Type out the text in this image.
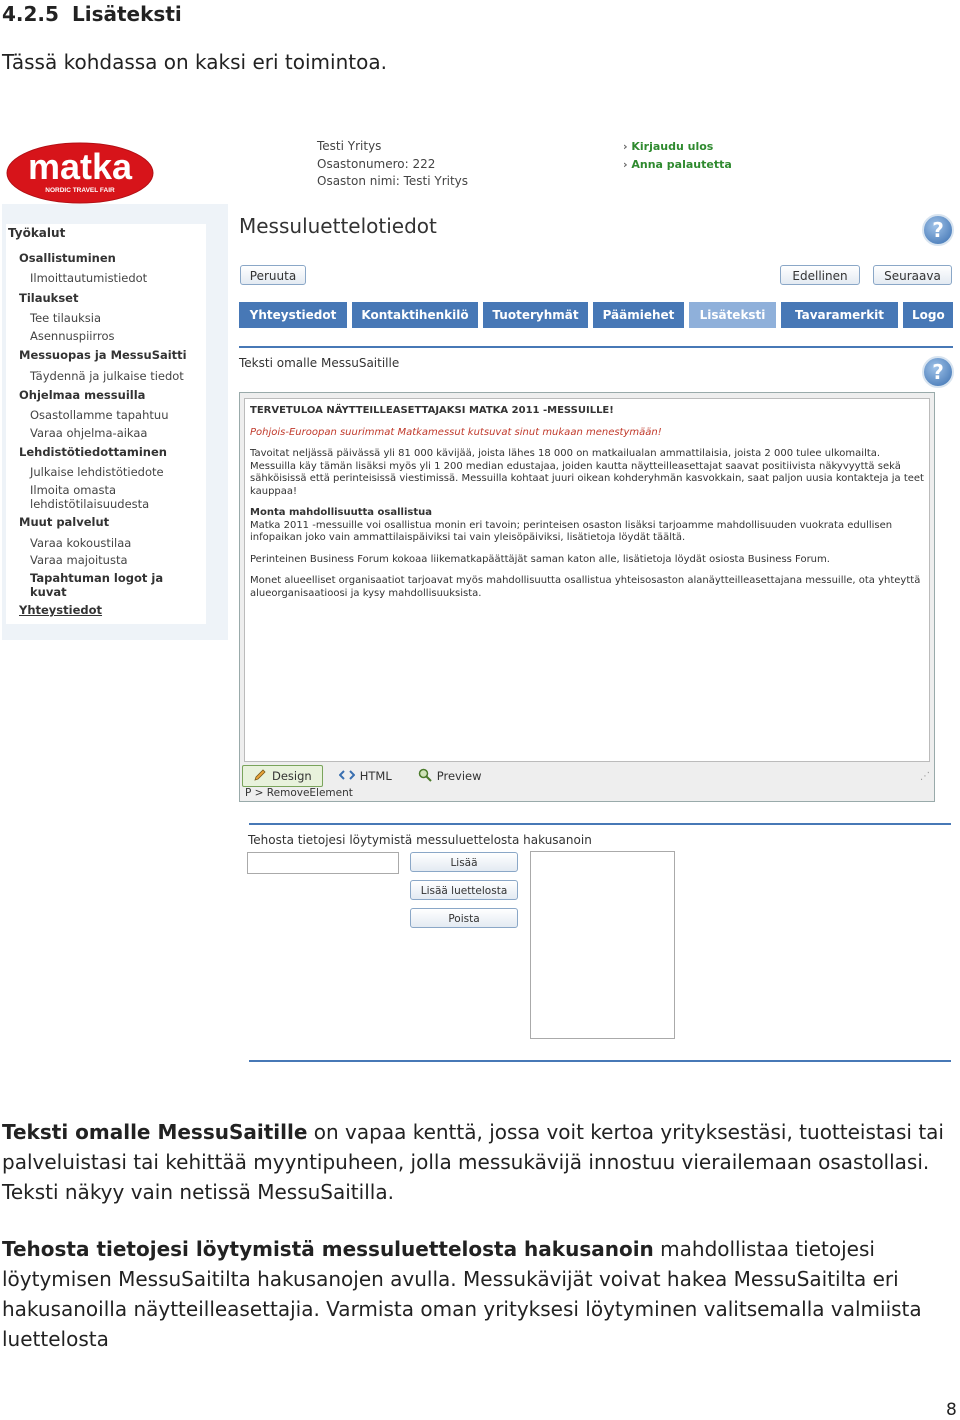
4.2.5 Lisäteksti
Tässä kohdassa on kaksi eri toimintoa.
matka
NORDIC TRAVEL FAIR
Testi Yritys
Osastonumero: 222
Osaston nimi: Testi Yritys
› Kirjaudu ulos
› Anna palautetta
Työkalut
Osallistuminen
Ilmoittautumistiedot
Tilaukset
Tee tilauksia
Asennuspiirros
Messuopas ja MessuSaitti
Täydennä ja julkaise tiedot
Ohjelmaa messuilla
Osastollamme tapahtuu
Varaa ohjelma-aikaa
Lehdistötiedottaminen
Julkaise lehdistötiedote
Ilmoita omasta
lehdistötilaisuudesta
Muut palvelut
Varaa kokoustilaa
Varaa majoitusta
Tapahtuman logot ja
kuvat
Yhteystiedot
Messuluettelotiedot	?
Peruuta	Edellinen	Seuraava
Yhteystiedot	Kontaktihenkilö	Tuoteryhmät	Päämiehet	Lisäteksti	Tavaramerkit	Logo
Teksti omalle MessuSaitille	?

TERVETULOA NÄYTTEILLEASETTAJAKSI MATKA 2011 -MESSUILLE!

Pohjois-Euroopan suurimmat Matkamessut kutsuvat sinut mukaan menestymään!

Tavoitat neljässä päivässä yli 81 000 kävijää, joista lähes 18 000 on matkailualan ammattilaisia, joista 2 000 tulee ulkomailta. Messuilla käy tämän lisäksi myös yli 1 200 median edustajaa, joiden kautta näytteilleasettajat saavat positiivista näkyvyyttä sekä sähköisissä että perinteisissä viestimissä. Messuilla kohtaat juuri oikean kohderyhmän kasvokkain, saat paljon uusia kontakteja ja teet kauppaa!

Monta mahdollisuutta osallistua

Matka 2011 -messuille voi osallistua monin eri tavoin; perinteisen osaston lisäksi tarjoamme mahdollisuuden vuokrata edullisen infopaikan joko vain ammattilaispäiviksi tai vain yleisöpäiviksi, lisätietoja löydät täältä.

Perinteinen Business Forum kokoaa liikematkapäättäjät saman katon alle, lisätietoja löydät osiosta Business Forum.

Monet alueelliset organisaatiot tarjoavat myös mahdollisuutta osallistua yhteisosaston alanäytteilleasettajana messuille, ota yhteyttä alueorganisaatioosi ja kysy mahdollisuuksista.

Design	HTML	Preview	⋰
P > RemoveElement
Tehosta tietojesi löytymistä messuluettelosta hakusanoin
Lisää
Lisää luettelosta
Poista
Teksti omalle MessuSaitille on vapaa kenttä, jossa voit kertoa yrityksestäsi, tuotteistasi tai palveluistasi tai kehittää myyntipuheen, jolla messukävijä innostuu vierailemaan osastollasi. Teksti näkyy vain netissä MessuSaitilla.
Tehosta tietojesi löytymistä messuluettelosta hakusanoin mahdollistaa tietojesi löytymisen MessuSaitilta hakusanojen avulla. Messukävijät voivat hakea MessuSaitilta eri hakusanoilla näytteilleasettajia. Varmista oman yrityksesi löytyminen valitsemalla valmiista luettelosta
8
